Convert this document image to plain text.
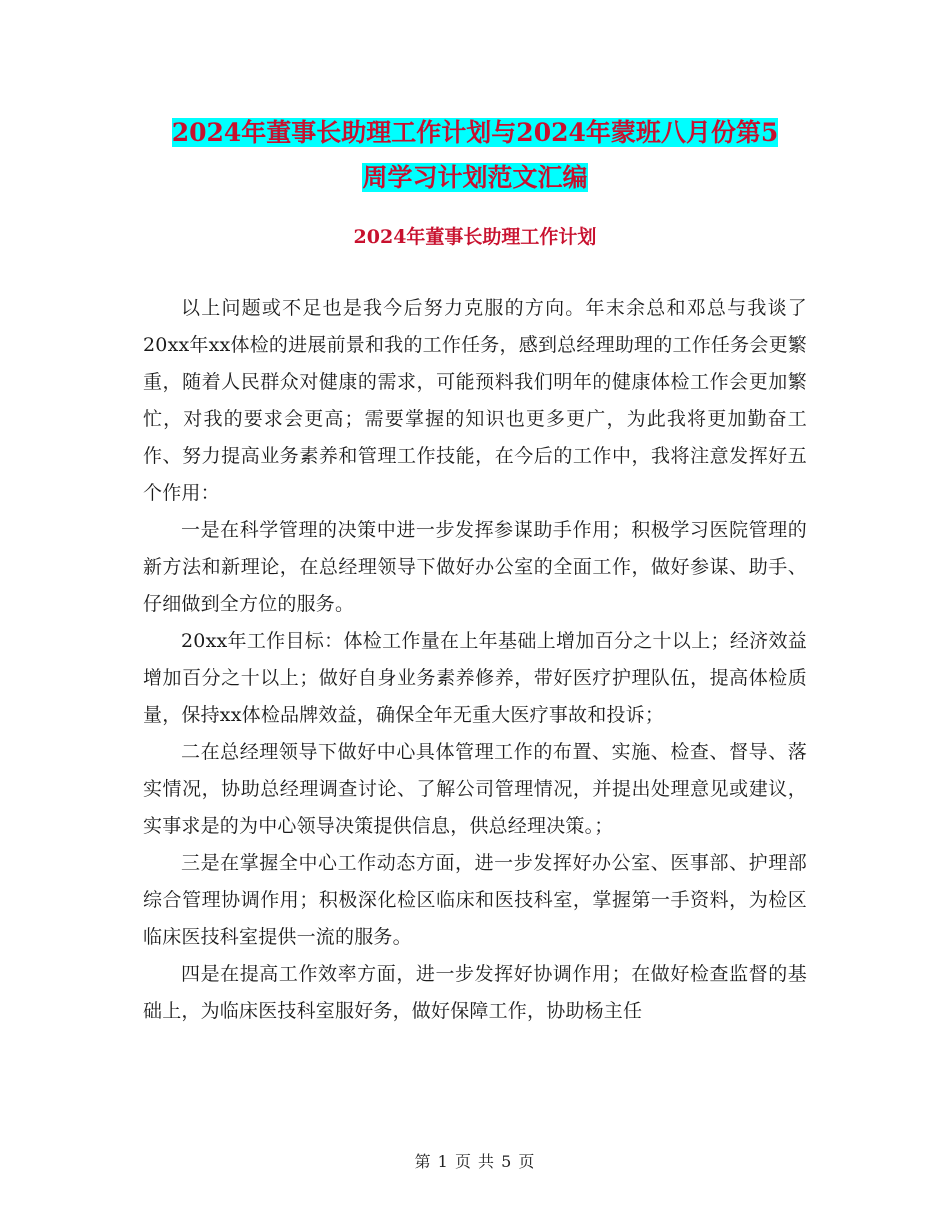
2024年董事长助理工作计划与2024年蒙班八月份第5
周学习计划范文汇编
2024年董事长助理工作计划

以上问题或不足也是我今后努力克服的方向。年末余总和邓总与我谈了20xx年xx体检的进展前景和我的工作任务，感到总经理助理的工作任务会更繁重，随着人民群众对健康的需求，可能预料我们明年的健康体检工作会更加繁忙，对我的要求会更高；需要掌握的知识也更多更广，为此我将更加勤奋工作、努力提高业务素养和管理工作技能，在今后的工作中，我将注意发挥好五个作用：

一是在科学管理的决策中进一步发挥参谋助手作用；积极学习医院管理的新方法和新理论，在总经理领导下做好办公室的全面工作，做好参谋、助手、仔细做到全方位的服务。

20xx年工作目标：体检工作量在上年基础上增加百分之十以上；经济效益增加百分之十以上；做好自身业务素养修养，带好医疗护理队伍，提高体检质量，保持xx体检品牌效益，确保全年无重大医疗事故和投诉；

二在总经理领导下做好中心具体管理工作的布置、实施、检查、督导、落实情况，协助总经理调查讨论、了解公司管理情况，并提出处理意见或建议，实事求是的为中心领导决策提供信息，供总经理决策。；

三是在掌握全中心工作动态方面，进一步发挥好办公室、医事部、护理部综合管理协调作用；积极深化检区临床和医技科室，掌握第一手资料，为检区临床医技科室提供一流的服务。

四是在提高工作效率方面，进一步发挥好协调作用；在做好检查监督的基础上，为临床医技科室服好务，做好保障工作，协助杨主任

第 1 页 共 5 页
